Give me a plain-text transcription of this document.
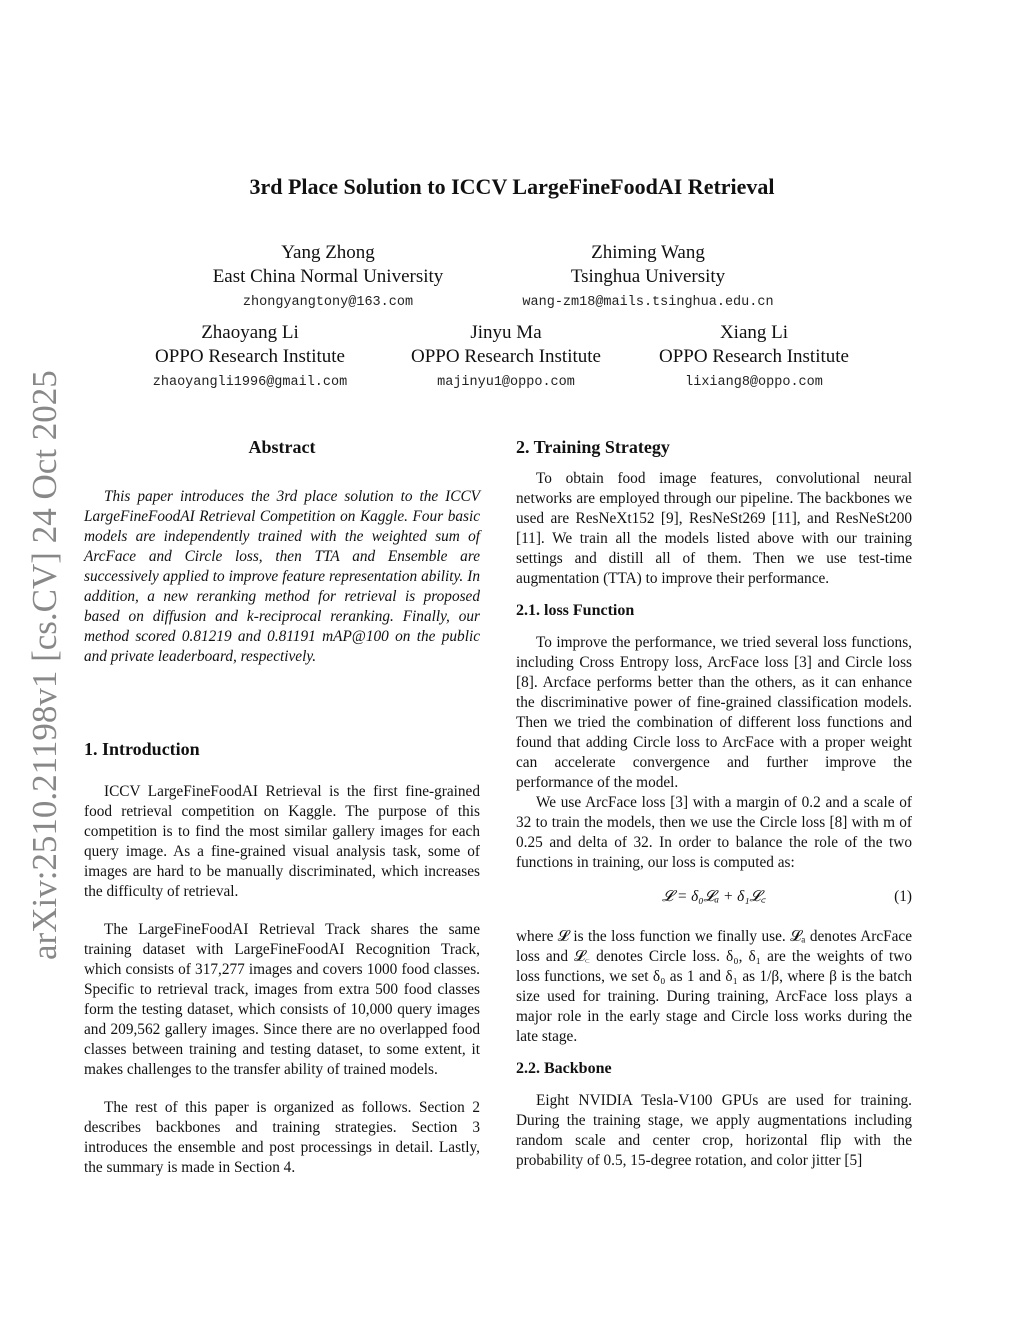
arXiv:2510.21198v1 [cs.CV] 24 Oct 2025
3rd Place Solution to ICCV LargeFineFoodAI Retrieval
Yang Zhong
East China Normal University
zhongyangtony@163.com
Zhiming Wang
Tsinghua University
wang-zm18@mails.tsinghua.edu.cn
Zhaoyang Li
OPPO Research Institute
zhaoyangli1996@gmail.com
Jinyu Ma
OPPO Research Institute
majinyu1@oppo.com
Xiang Li
OPPO Research Institute
lixiang8@oppo.com
Abstract

This paper introduces the 3rd place solution to the ICCV LargeFineFoodAI Retrieval Competition on Kaggle. Four basic models are independently trained with the weighted sum of ArcFace and Circle loss, then TTA and Ensemble are successively applied to improve feature representation ability. In addition, a new reranking method for retrieval is proposed based on diffusion and k-reciprocal reranking. Finally, our method scored 0.81219 and 0.81191 mAP@100 on the public and private leaderboard, respectively.

1. Introduction

ICCV LargeFineFoodAI Retrieval is the first fine-grained food retrieval competition on Kaggle. The purpose of this competition is to find the most similar gallery images for each query image. As a fine-grained visual analysis task, some of images are hard to be manually discriminated, which increases the difficulty of retrieval.

The LargeFineFoodAI Retrieval Track shares the same training dataset with LargeFineFoodAI Recognition Track, which consists of 317,277 images and covers 1000 food classes. Specific to retrieval track, images from extra 500 food classes form the testing dataset, which consists of 10,000 query images and 209,562 gallery images. Since there are no overlapped food classes between training and testing dataset, to some extent, it makes challenges to the transfer ability of trained models.

The rest of this paper is organized as follows. Section 2 describes backbones and training strategies. Section 3 introduces the ensemble and post processings in detail. Lastly, the summary is made in Section 4.

2. Training Strategy

To obtain food image features, convolutional neural networks are employed through our pipeline. The backbones we used are ResNeXt152 [9], ResNeSt269 [11], and ResNeSt200 [11]. We train all the models listed above with our training settings and distill all of them. Then we use test-time augmentation (TTA) to improve their performance.

2.1. loss Function

To improve the performance, we tried several loss functions, including Cross Entropy loss, ArcFace loss [3] and Circle loss [8]. Arcface performs better than the others, as it can enhance the discriminative power of fine-grained classification models. Then we tried the combination of different loss functions and found that adding Circle loss to ArcFace with a proper weight can accelerate convergence and further improve the performance of the model.

We use ArcFace loss [3] with a margin of 0.2 and a scale of 32 to train the models, then we use the Circle loss [8] with m of 0.25 and delta of 32. In order to balance the role of the two functions in training, our loss is computed as:

𝓛 = δ₀𝓛ₐ + δ₁𝓛꜀	(1)

where 𝓛 is the loss function we finally use. 𝓛ₐ denotes ArcFace loss and 𝓛꜀ denotes Circle loss. δ₀, δ₁ are the weights of two loss functions, we set δ₀ as 1 and δ₁ as 1/β, where β is the batch size used for training. During training, ArcFace loss plays a major role in the early stage and Circle loss works during the late stage.

2.2. Backbone

Eight NVIDIA Tesla-V100 GPUs are used for training. During the training stage, we apply augmentations including random scale and center crop, horizontal flip with the probability of 0.5, 15-degree rotation, and color jitter [5]
